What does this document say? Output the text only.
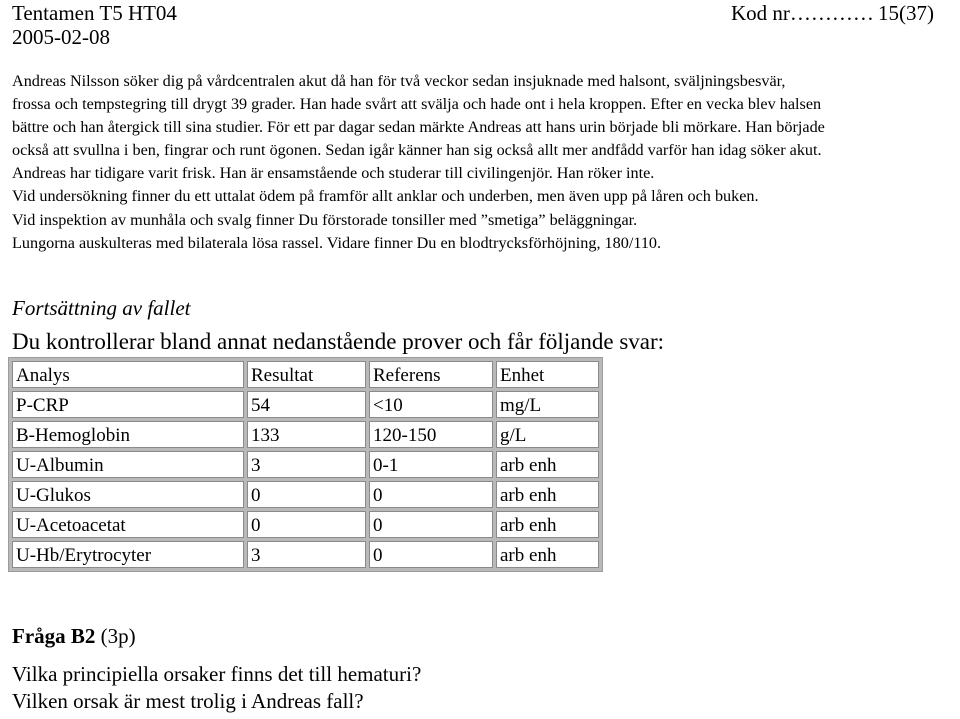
Tentamen T5 HT04
2005-02-08
Kod nr………… 15(37)
Andreas Nilsson söker dig på vårdcentralen akut då han för två veckor sedan insjuknade med halsont, sväljningsbesvär,
frossa och tempstegring till drygt 39 grader. Han hade svårt att svälja och hade ont i hela kroppen. Efter en vecka blev halsen
bättre och han återgick till sina studier. För ett par dagar sedan märkte Andreas att hans urin började bli mörkare. Han började
också att svullna i ben, fingrar och runt ögonen. Sedan igår känner han sig också allt mer andfådd varför han idag söker akut.
Andreas har tidigare varit frisk. Han är ensamstående och studerar till civilingenjör. Han röker inte.
Vid undersökning finner du ett uttalat ödem på framför allt anklar och underben, men även upp på låren och buken.
Vid inspektion av munhåla och svalg finner Du förstorade tonsiller med ”smetiga” beläggningar.
Lungorna auskulteras med bilaterala lösa rassel. Vidare finner Du en blodtrycksförhöjning, 180/110.
Fortsättning av fallet
Du kontrollerar bland annat nedanstående prover och får följande svar:
Analys	Resultat	Referens	Enhet
P-CRP	54	<10	mg/L
B-Hemoglobin	133	120-150	g/L
U-Albumin	3	0-1	arb enh
U-Glukos	0	0	arb enh
U-Acetoacetat	0	0	arb enh
U-Hb/Erytrocyter	3	0	arb enh
Fråga B2 (3p)
Vilka principiella orsaker finns det till hematuri?
Vilken orsak är mest trolig i Andreas fall?
